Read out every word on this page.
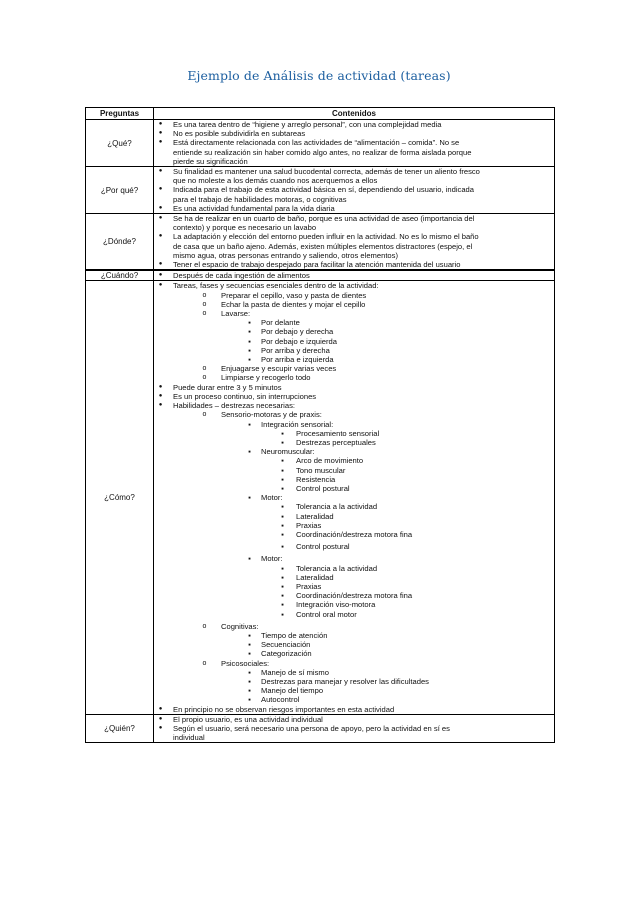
Ejemplo de Análisis de actividad (tareas)
Preguntas	Contenidos
¿Qué?
●	Es una tarea dentro de “higiene y arreglo personal”, con una complejidad media
●	No es posible subdividirla en subtareas
●	Está directamente relacionada con las actividades de “alimentación – comida”. No se
entiende su realización sin haber comido algo antes, no realizar de forma aislada porque
pierde su significación
¿Por qué?
●	Su finalidad es mantener una salud bucodental correcta, además de tener un aliento fresco
que no moleste a los demás cuando nos acerquemos a ellos
●	Indicada para el trabajo de esta actividad básica en sí, dependiendo del usuario, indicada
para el trabajo de habilidades motoras, o cognitivas
●	Es una actividad fundamental para la vida diaria
¿Dónde?
●	Se ha de realizar en un cuarto de baño, porque es una actividad de aseo (importancia del
contexto) y porque es necesario un lavabo
●	La adaptación y elección del entorno pueden influir en la actividad. No es lo mismo el baño
de casa que un baño ajeno. Además, existen múltiples elementos distractores (espejo, el
mismo agua, otras personas entrando y saliendo, otros elementos)
●	Tener el espacio de trabajo despejado para facilitar la atención mantenida del usuario
¿Cuándo?	●	Después de cada ingestión de alimentos
¿Cómo?
●	Tareas, fases y secuencias esenciales dentro de la actividad:
o	Preparar el cepillo, vaso y pasta de dientes
o	Echar la pasta de dientes y mojar el cepillo
o	Lavarse:
▪	Por delante
▪	Por debajo y derecha
▪	Por debajo e izquierda
▪	Por arriba y derecha
▪	Por arriba e izquierda
o	Enjuagarse y escupir varias veces
o	Limpiarse y recogerlo todo
●	Puede durar entre 3 y 5 minutos
●	Es un proceso continuo, sin interrupciones
●	Habilidades – destrezas necesarias:
o	Sensorio-motoras y de praxis:
▪	Integración sensorial:
▪	Procesamiento sensorial
▪	Destrezas perceptuales
▪	Neuromuscular:
▪	Arco de movimiento
▪	Tono muscular
▪	Resistencia
▪	Control postural
▪	Motor:
▪	Tolerancia a la actividad
▪	Lateralidad
▪	Praxias
▪	Coordinación/destreza motora fina
▪	Control postural
▪	Motor:
▪	Tolerancia a la actividad
▪	Lateralidad
▪	Praxias
▪	Coordinación/destreza motora fina
▪	Integración viso-motora
▪	Control oral motor
o	Cognitivas:
▪	Tiempo de atención
▪	Secuenciación
▪	Categorización
o	Psicosociales:
▪	Manejo de sí mismo
▪	Destrezas para manejar y resolver las dificultades
▪	Manejo del tiempo
▪	Autocontrol
●	En principio no se observan riesgos importantes en esta actividad
¿Quién?
●	El propio usuario, es una actividad individual
●	Según el usuario, será necesario una persona de apoyo, pero la actividad en sí es
individual
